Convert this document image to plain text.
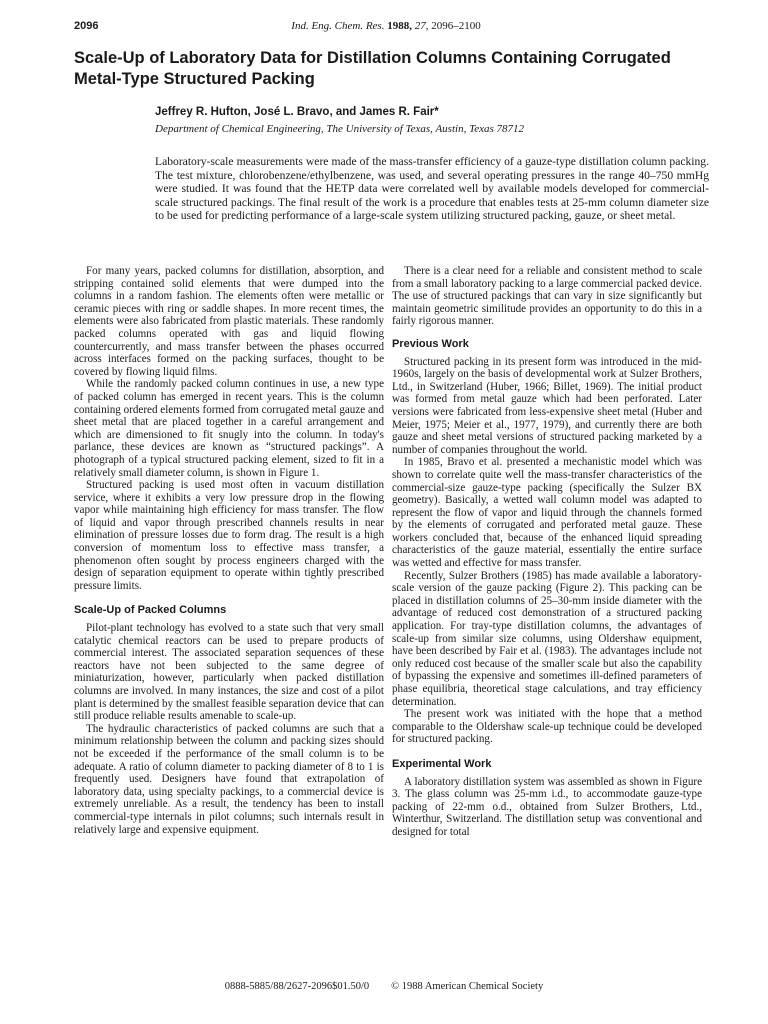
2096	Ind. Eng. Chem. Res. 1988, 27, 2096–2100
Scale-Up of Laboratory Data for Distillation Columns Containing Corrugated Metal-Type Structured Packing
Jeffrey R. Hufton, José L. Bravo, and James R. Fair*
Department of Chemical Engineering, The University of Texas, Austin, Texas 78712

Laboratory-scale measurements were made of the mass-transfer efficiency of a gauze-type distillation column packing. The test mixture, chlorobenzene/ethylbenzene, was used, and several operating pressures in the range 40–750 mmHg were studied. It was found that the HETP data were correlated well by available models developed for commercial-scale structured packings. The final result of the work is a procedure that enables tests at 25-mm column diameter size to be used for predicting performance of a large-scale system utilizing structured packing, gauze, or sheet metal.

For many years, packed columns for distillation, absorption, and stripping contained solid elements that were dumped into the columns in a random fashion. The elements often were metallic or ceramic pieces with ring or saddle shapes. In more recent times, the elements were also fabricated from plastic materials. These randomly packed columns operated with gas and liquid flowing countercurrently, and mass transfer between the phases occurred across interfaces formed on the packing surfaces, thought to be covered by flowing liquid films.

While the randomly packed column continues in use, a new type of packed column has emerged in recent years. This is the column containing ordered elements formed from corrugated metal gauze and sheet metal that are placed together in a careful arrangement and which are dimensioned to fit snugly into the column. In today's parlance, these devices are known as “structured packings”. A photograph of a typical structured packing element, sized to fit in a relatively small diameter column, is shown in Figure 1.

Structured packing is used most often in vacuum distillation service, where it exhibits a very low pressure drop in the flowing vapor while maintaining high efficiency for mass transfer. The flow of liquid and vapor through prescribed channels results in near elimination of pressure losses due to form drag. The result is a high conversion of momentum loss to effective mass transfer, a phenomenon often sought by process engineers charged with the design of separation equipment to operate within tightly prescribed pressure limits.

Scale-Up of Packed Columns

Pilot-plant technology has evolved to a state such that very small catalytic chemical reactors can be used to prepare products of commercial interest. The associated separation sequences of these reactors have not been subjected to the same degree of miniaturization, however, particularly when packed distillation columns are involved. In many instances, the size and cost of a pilot plant is determined by the smallest feasible separation device that can still produce reliable results amenable to scale-up.

The hydraulic characteristics of packed columns are such that a minimum relationship between the column and packing sizes should not be exceeded if the performance of the small column is to be adequate. A ratio of column diameter to packing diameter of 8 to 1 is frequently used. Designers have found that extrapolation of laboratory data, using specialty packings, to a commercial device is extremely unreliable. As a result, the tendency has been to install commercial-type internals in pilot columns; such internals result in relatively large and expensive equipment.

There is a clear need for a reliable and consistent method to scale from a small laboratory packing to a large commercial packed device. The use of structured packings that can vary in size significantly but maintain geometric similitude provides an opportunity to do this in a fairly rigorous manner.

Previous Work

Structured packing in its present form was introduced in the mid-1960s, largely on the basis of developmental work at Sulzer Brothers, Ltd., in Switzerland (Huber, 1966; Billet, 1969). The initial product was formed from metal gauze which had been perforated. Later versions were fabricated from less-expensive sheet metal (Huber and Meier, 1975; Meier et al., 1977, 1979), and currently there are both gauze and sheet metal versions of structured packing marketed by a number of companies throughout the world.

In 1985, Bravo et al. presented a mechanistic model which was shown to correlate quite well the mass-transfer characteristics of the commercial-size gauze-type packing (specifically the Sulzer BX geometry). Basically, a wetted wall column model was adapted to represent the flow of vapor and liquid through the channels formed by the elements of corrugated and perforated metal gauze. These workers concluded that, because of the enhanced liquid spreading characteristics of the gauze material, essentially the entire surface was wetted and effective for mass transfer.

Recently, Sulzer Brothers (1985) has made available a laboratory-scale version of the gauze packing (Figure 2). This packing can be placed in distillation columns of 25–30-mm inside diameter with the advantage of reduced cost demonstration of a structured packing application. For tray-type distillation columns, the advantages of scale-up from similar size columns, using Oldershaw equipment, have been described by Fair et al. (1983). The advantages include not only reduced cost because of the smaller scale but also the capability of bypassing the expensive and sometimes ill-defined parameters of phase equilibria, theoretical stage calculations, and tray efficiency determination.

The present work was initiated with the hope that a method comparable to the Oldershaw scale-up technique could be developed for structured packing.

Experimental Work

A laboratory distillation system was assembled as shown in Figure 3. The glass column was 25-mm i.d., to accommodate gauze-type packing of 22-mm o.d., obtained from Sulzer Brothers, Ltd., Winterthur, Switzerland. The distillation setup was conventional and designed for total

0888-5885/88/2627-2096$01.50/0 © 1988 American Chemical Society
